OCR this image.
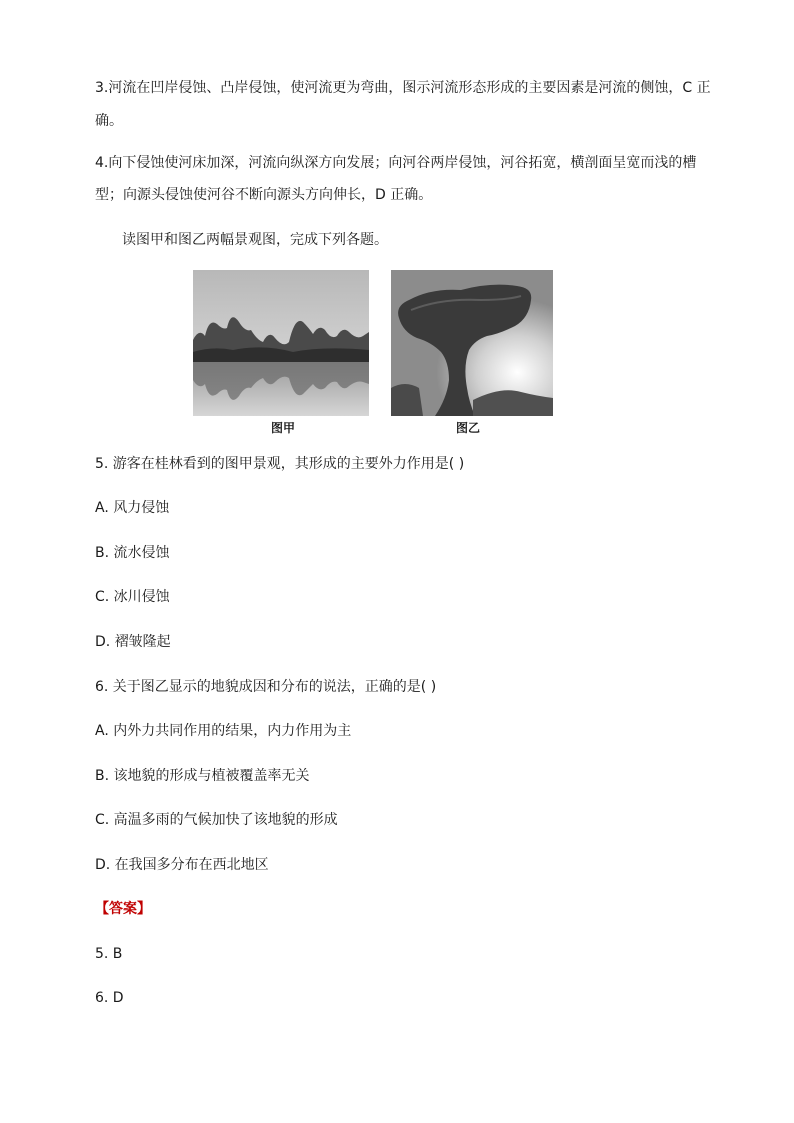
3.河流在凹岸侵蚀、凸岸侵蚀，使河流更为弯曲，图示河流形态形成的主要因素是河流的侧蚀，C 正
确。
4.向下侵蚀使河床加深，河流向纵深方向发展；向河谷两岸侵蚀，河谷拓宽，横剖面呈宽而浅的槽
型；向源头侵蚀使河谷不断向源头方向伸长，D 正确。
读图甲和图乙两幅景观图，完成下列各题。
图甲	图乙
5. 游客在桂林看到的图甲景观，其形成的主要外力作用是( )
A. 风力侵蚀
B. 流水侵蚀
C. 冰川侵蚀
D. 褶皱隆起
6. 关于图乙显示的地貌成因和分布的说法，正确的是( )
A. 内外力共同作用的结果，内力作用为主
B. 该地貌的形成与植被覆盖率无关
C. 高温多雨的气候加快了该地貌的形成
D. 在我国多分布在西北地区
【答案】
5. B
6. D
